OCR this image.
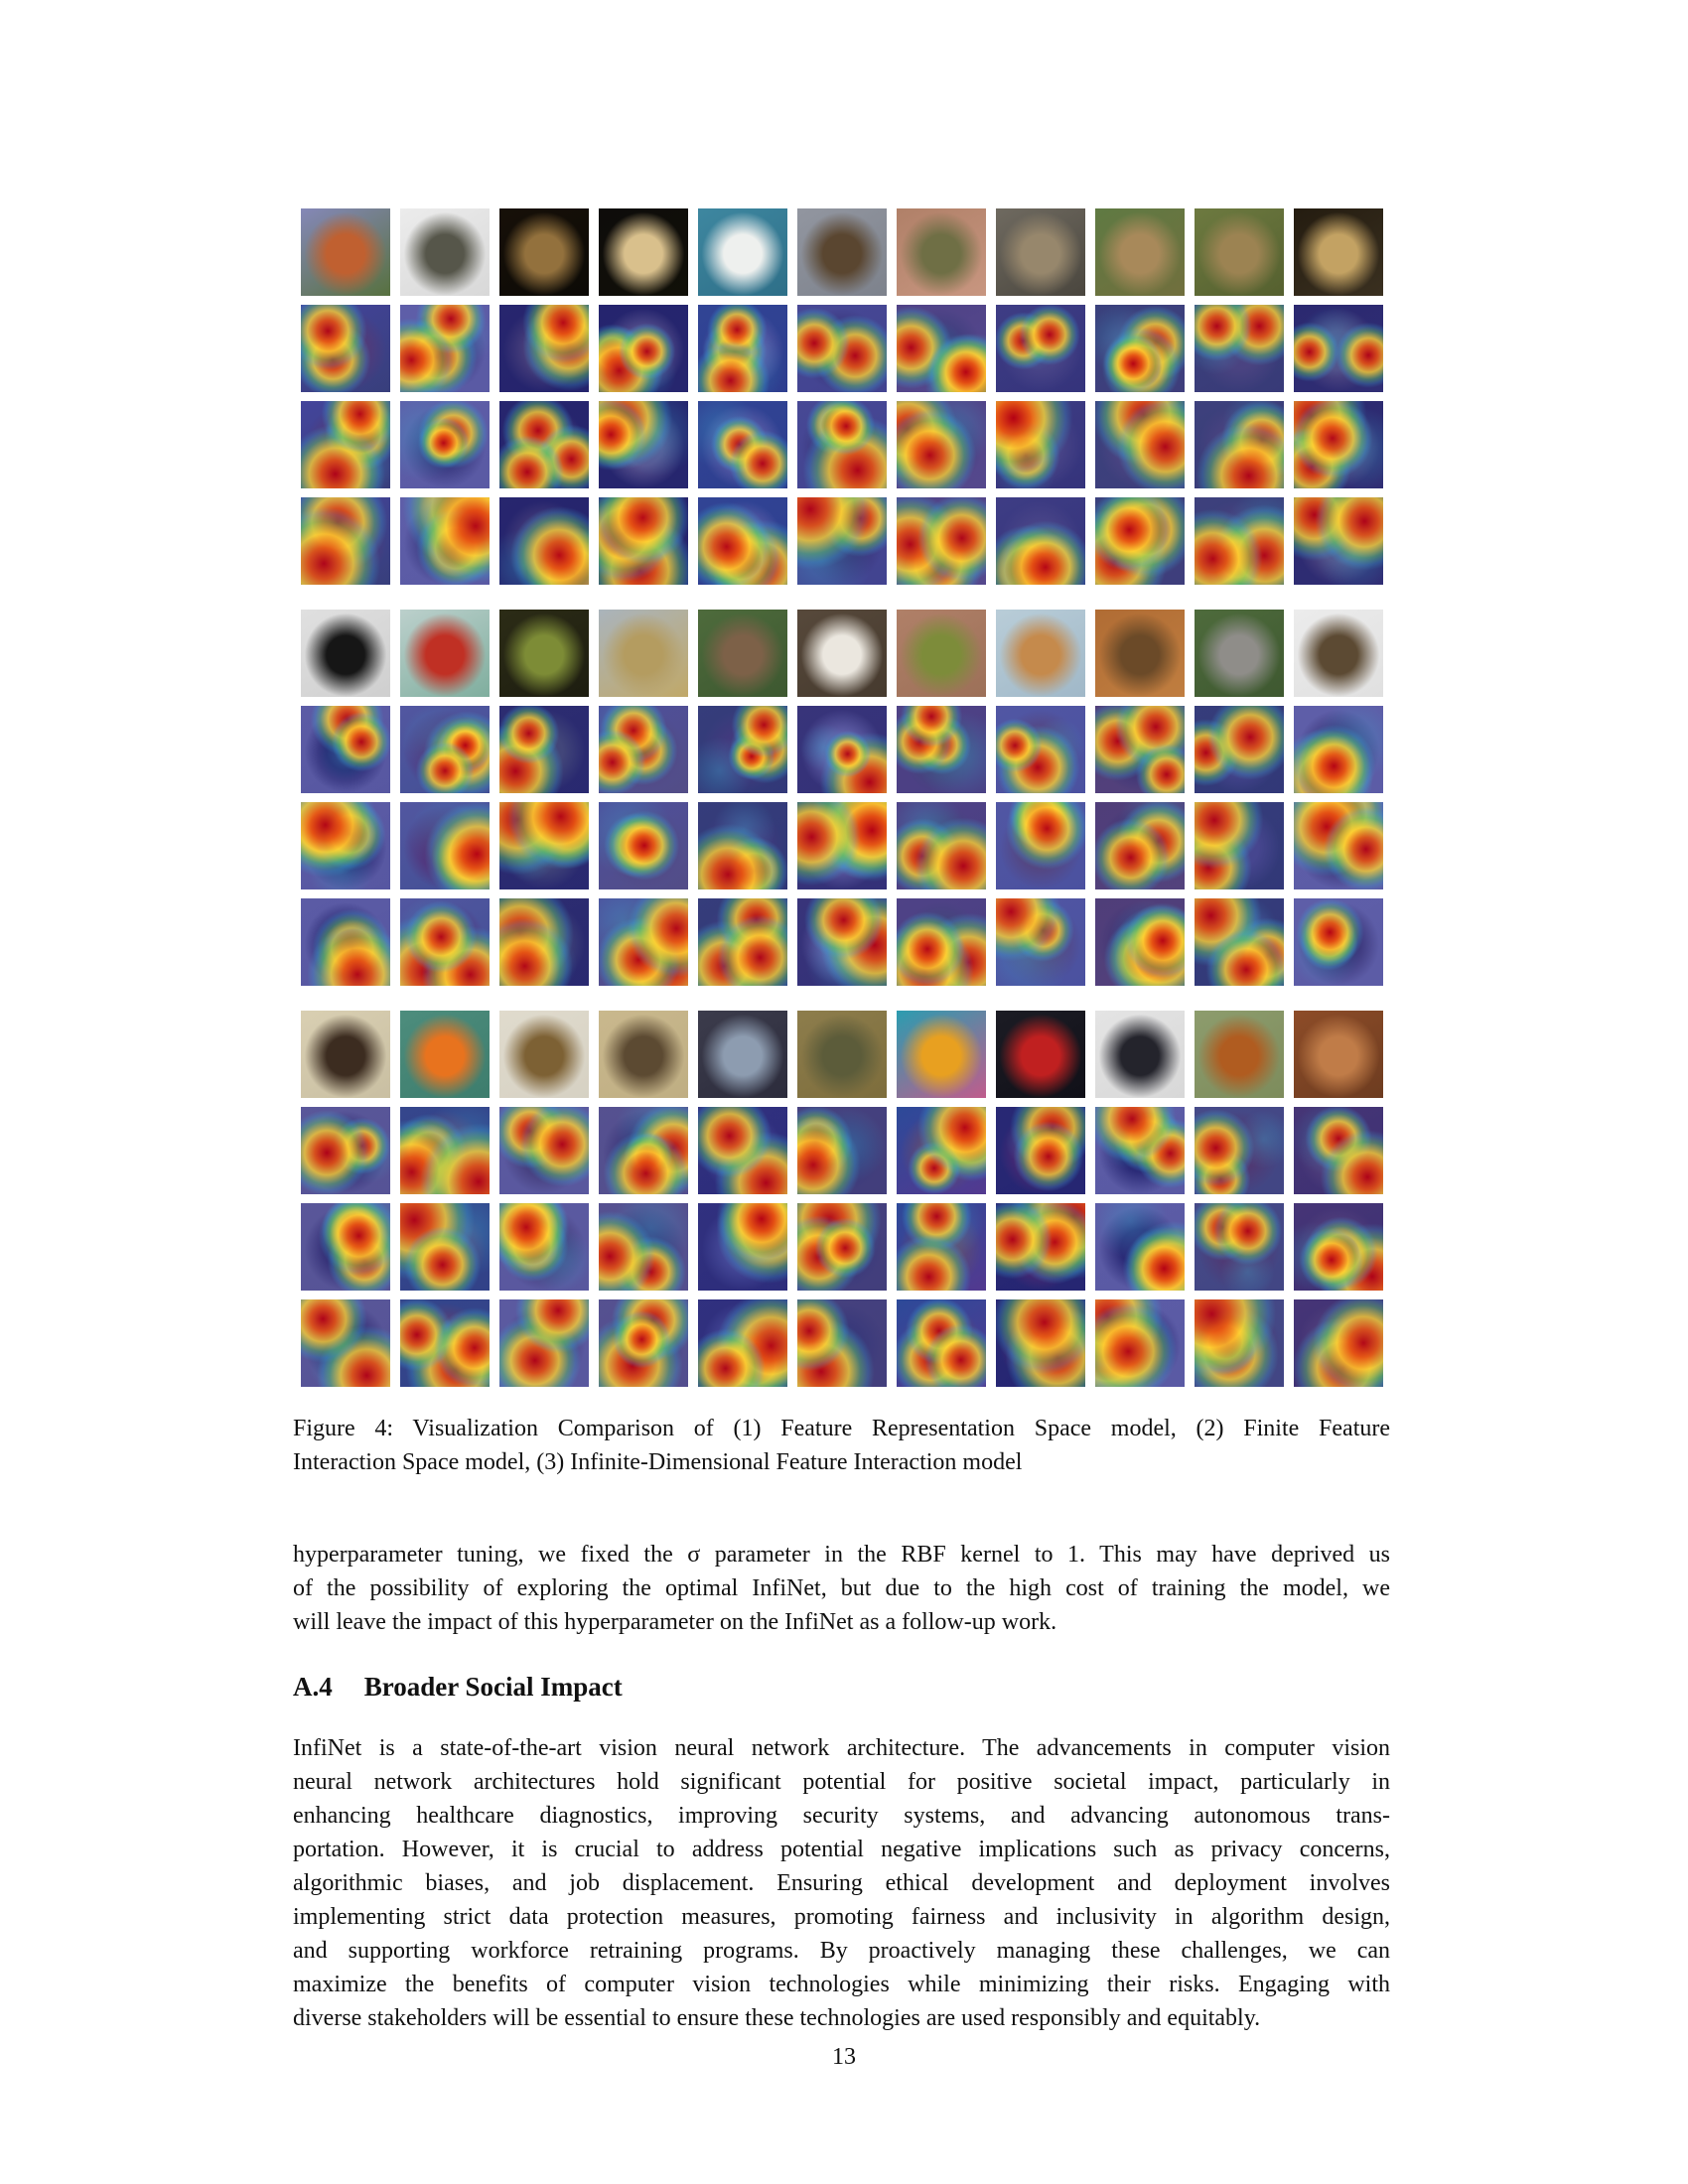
Figure 4: Visualization Comparison of (1) Feature Representation Space model, (2) Finite Feature
Interaction Space model, (3) Infinite-Dimensional Feature Interaction model
hyperparameter tuning, we fixed the σ parameter in the RBF kernel to 1. This may have deprived us
of the possibility of exploring the optimal InfiNet, but due to the high cost of training the model, we
will leave the impact of this hyperparameter on the InfiNet as a follow-up work.
A.4 Broader Social Impact
InfiNet is a state-of-the-art vision neural network architecture. The advancements in computer vision
neural network architectures hold significant potential for positive societal impact, particularly in
enhancing healthcare diagnostics, improving security systems, and advancing autonomous trans-
portation. However, it is crucial to address potential negative implications such as privacy concerns,
algorithmic biases, and job displacement. Ensuring ethical development and deployment involves
implementing strict data protection measures, promoting fairness and inclusivity in algorithm design,
and supporting workforce retraining programs. By proactively managing these challenges, we can
maximize the benefits of computer vision technologies while minimizing their risks. Engaging with
diverse stakeholders will be essential to ensure these technologies are used responsibly and equitably.
13
